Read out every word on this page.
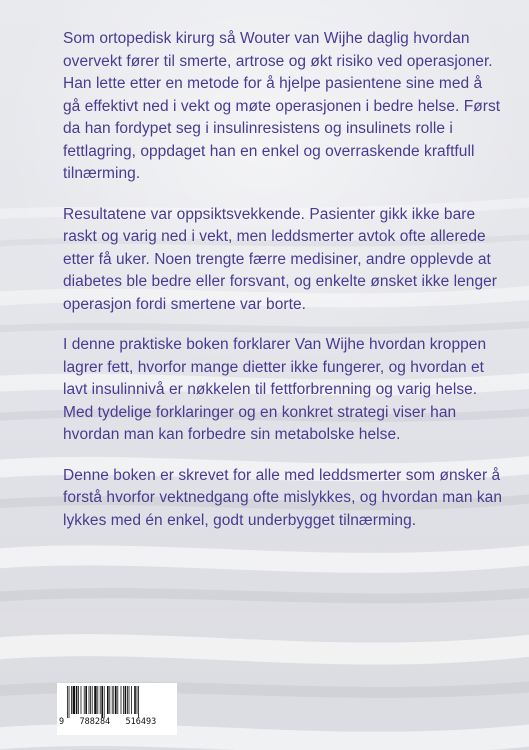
Som ortopedisk kirurg så Wouter van Wijhe daglig hvordan overvekt fører til smerte, artrose og økt risiko ved operasjoner. Han lette etter en metode for å hjelpe pasientene sine med å gå effektivt ned i vekt og møte operasjonen i bedre helse. Først da han fordypet seg i insulinresistens og insulinets rolle i fettlagring, oppdaget han en enkel og overraskende kraftfull tilnærming.

Resultatene var oppsiktsvekkende. Pasienter gikk ikke bare raskt og varig ned i vekt, men leddsmerter avtok ofte allerede etter få uker. Noen trengte færre medisiner, andre opplevde at diabetes ble bedre eller forsvant, og enkelte ønsket ikke lenger operasjon fordi smertene var borte.

I denne praktiske boken forklarer Van Wijhe hvordan kroppen lagrer fett, hvorfor mange dietter ikke fungerer, og hvordan et lavt insulinnivå er nøkkelen til fettforbrenning og varig helse. Med tydelige forklaringer og en konkret strategi viser han hvordan man kan forbedre sin metabolske helse.

Denne boken er skrevet for alle med leddsmerter som ønsker å forstå hvorfor vektnedgang ofte mislykkes, og hvordan man kan lykkes med én enkel, godt underbygget tilnærming.

9   788284   516493
